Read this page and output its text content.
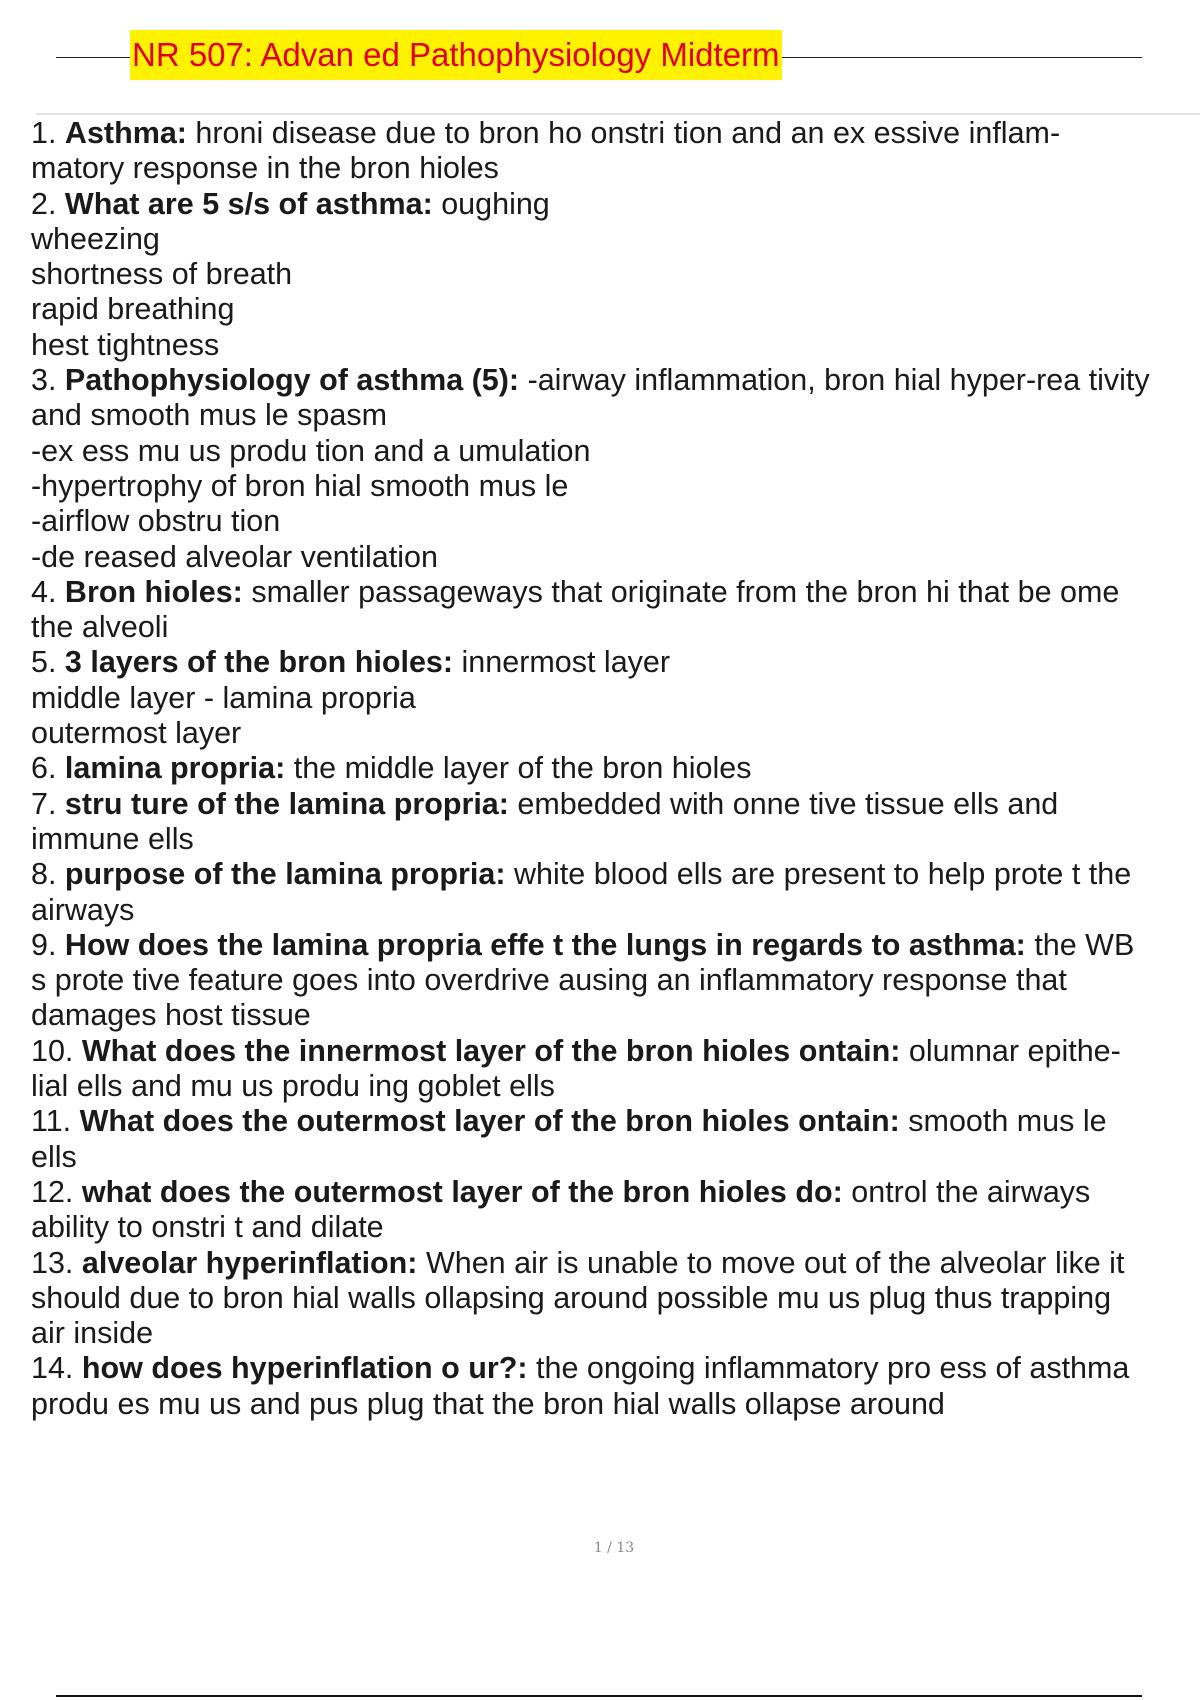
NR 507: Advan ed Pathophysiology Midterm

1. Asthma: hroni disease due to bron ho onstri tion and an ex essive inflam-
matory response in the bron hioles

2. What are 5 s/s of asthma: oughing
wheezing
shortness of breath
rapid breathing
hest tightness

3. Pathophysiology of asthma (5): -airway inflammation, bron hial hyper-rea tivity
and smooth mus le spasm
-ex ess mu us produ tion and a umulation
-hypertrophy of bron hial smooth mus le
-airflow obstru tion
-de reased alveolar ventilation

4. Bron hioles: smaller passageways that originate from the bron hi that be ome
the alveoli

5. 3 layers of the bron hioles: innermost layer
middle layer - lamina propria
outermost layer

6. lamina propria: the middle layer of the bron hioles

7. stru ture of the lamina propria: embedded with onne tive tissue ells and
immune ells

8. purpose of the lamina propria: white blood ells are present to help prote t the
airways

9. How does the lamina propria effe t the lungs in regards to asthma: the WB
s prote tive feature goes into overdrive ausing an inflammatory response that
damages host tissue

10. What does the innermost layer of the bron hioles ontain: olumnar epithe-
lial ells and mu us produ ing goblet ells

11. What does the outermost layer of the bron hioles ontain: smooth mus le
ells

12. what does the outermost layer of the bron hioles do: ontrol the airways
ability to onstri t and dilate

13. alveolar hyperinflation: When air is unable to move out of the alveolar like it
should due to bron hial walls ollapsing around possible mu us plug thus trapping
air inside

14. how does hyperinflation o ur?: the ongoing inflammatory pro ess of asthma
produ es mu us and pus plug that the bron hial walls ollapse around

1 / 13
